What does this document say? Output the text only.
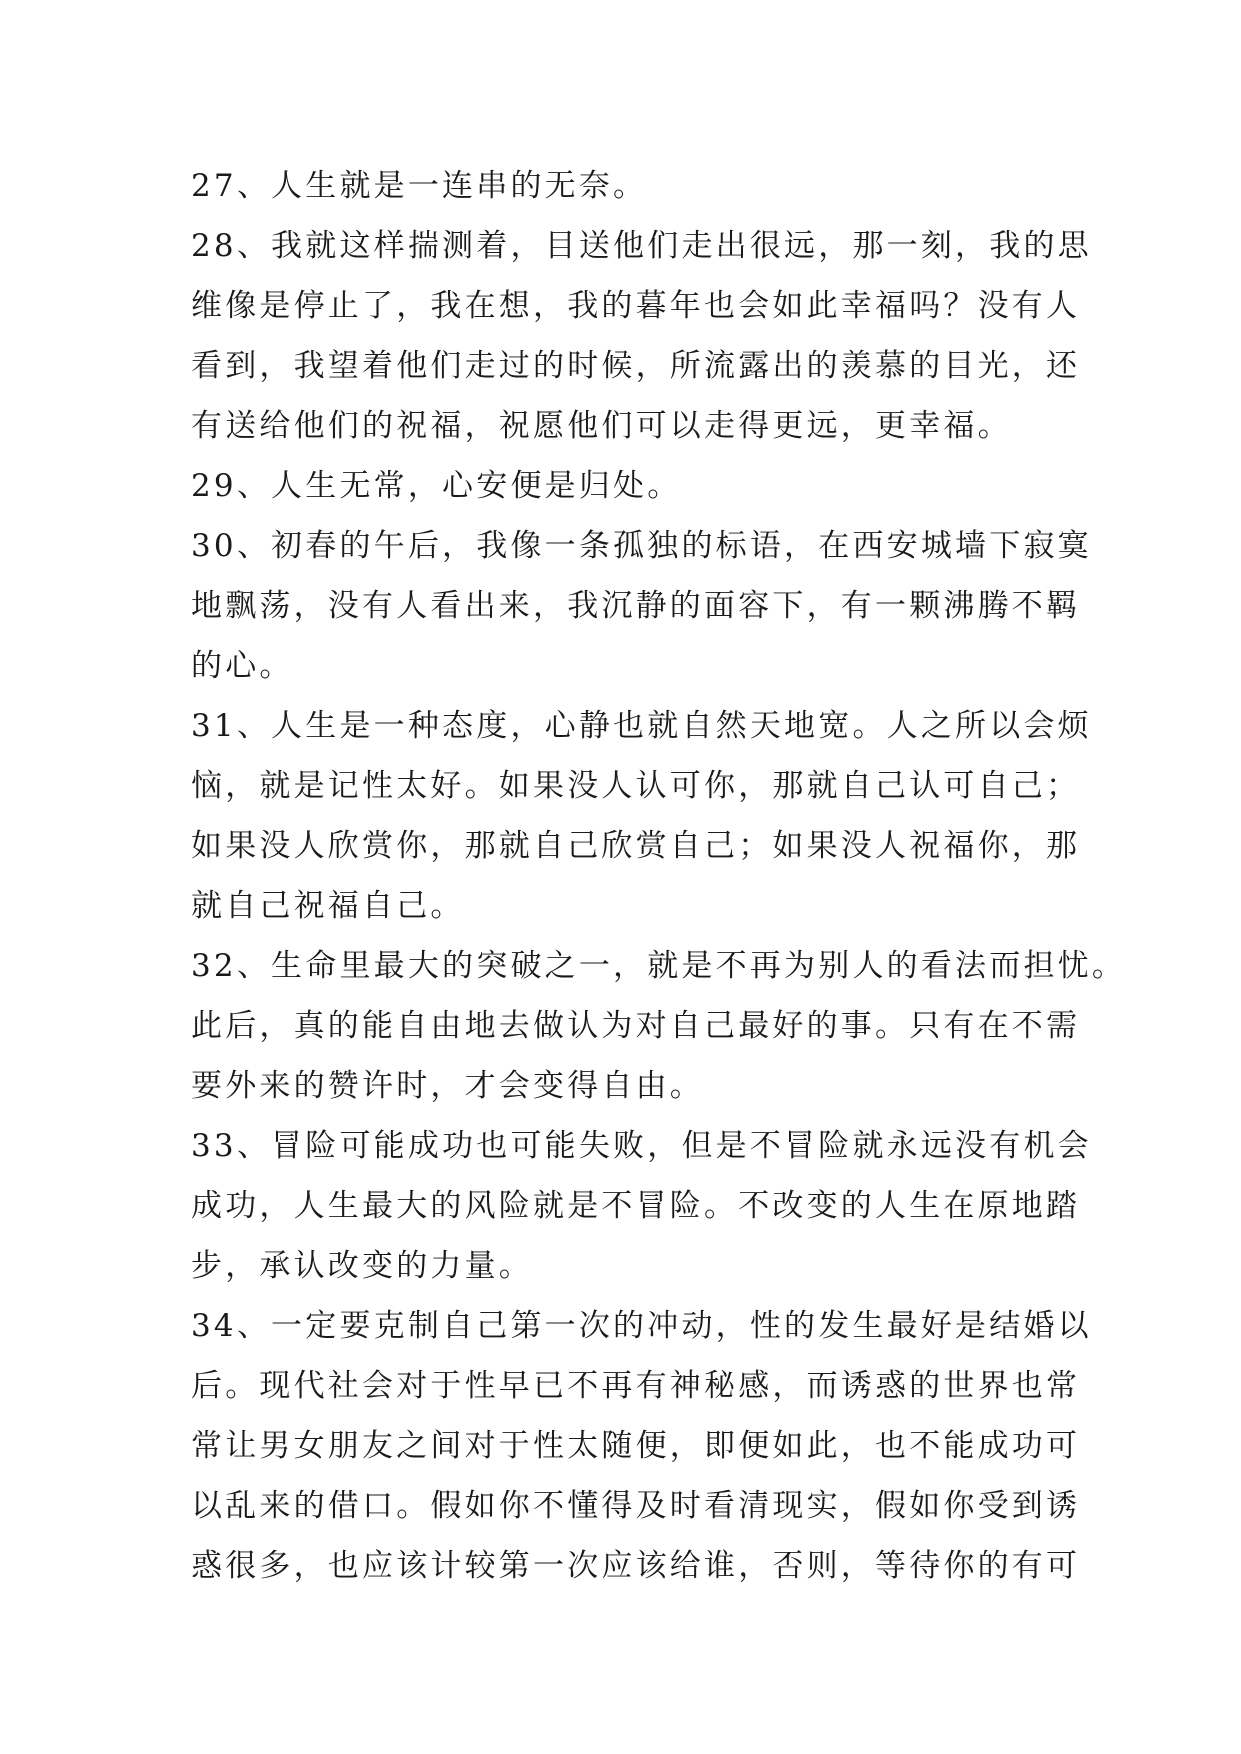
27、人生就是一连串的无奈。
28、我就这样揣测着，目送他们走出很远，那一刻，我的思
维像是停止了，我在想，我的暮年也会如此幸福吗？没有人
看到，我望着他们走过的时候，所流露出的羡慕的目光，还
有送给他们的祝福，祝愿他们可以走得更远，更幸福。
29、人生无常，心安便是归处。
30、初春的午后，我像一条孤独的标语，在西安城墙下寂寞
地飘荡，没有人看出来，我沉静的面容下，有一颗沸腾不羁
的心。
31、人生是一种态度，心静也就自然天地宽。人之所以会烦
恼，就是记性太好。如果没人认可你，那就自己认可自己；
如果没人欣赏你，那就自己欣赏自己；如果没人祝福你，那
就自己祝福自己。
32、生命里最大的突破之一，就是不再为别人的看法而担忧。
此后，真的能自由地去做认为对自己最好的事。只有在不需
要外来的赞许时，才会变得自由。
33、冒险可能成功也可能失败，但是不冒险就永远没有机会
成功，人生最大的风险就是不冒险。不改变的人生在原地踏
步，承认改变的力量。
34、一定要克制自己第一次的冲动，性的发生最好是结婚以
后。现代社会对于性早已不再有神秘感，而诱惑的世界也常
常让男女朋友之间对于性太随便，即便如此，也不能成功可
以乱来的借口。假如你不懂得及时看清现实，假如你受到诱
惑很多，也应该计较第一次应该给谁，否则，等待你的有可
